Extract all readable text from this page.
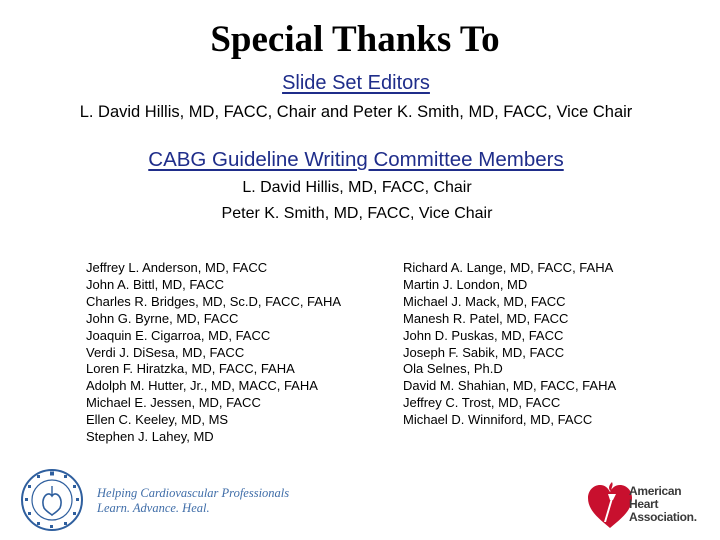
Special Thanks To
Slide Set Editors
L. David Hillis, MD, FACC, Chair and Peter K. Smith, MD, FACC, Vice Chair
CABG Guideline Writing Committee Members
L. David Hillis, MD, FACC, Chair
Peter K. Smith, MD, FACC, Vice Chair
Jeffrey L. Anderson, MD, FACC
John A. Bittl, MD, FACC
Charles R. Bridges, MD, Sc.D, FACC, FAHA
John G. Byrne, MD, FACC
Joaquin E. Cigarroa, MD, FACC
Verdi J. DiSesa, MD, FACC
Loren F. Hiratzka, MD, FACC, FAHA
Adolph M. Hutter, Jr., MD, MACC, FAHA
Michael E. Jessen, MD, FACC
Ellen C. Keeley, MD, MS
Stephen J. Lahey, MD
Richard A. Lange, MD, FACC, FAHA
Martin J. London, MD
Michael J. Mack, MD, FACC
Manesh R. Patel, MD, FACC
John D. Puskas, MD, FACC
Joseph F. Sabik, MD, FACC
Ola Selnes, Ph.D
David M. Shahian, MD, FACC, FAHA
Jeffrey C. Trost, MD, FACC
Michael D. Winniford, MD, FACC
Helping Cardiovascular Professionals
Learn. Advance. Heal.
American
Heart
Association.
